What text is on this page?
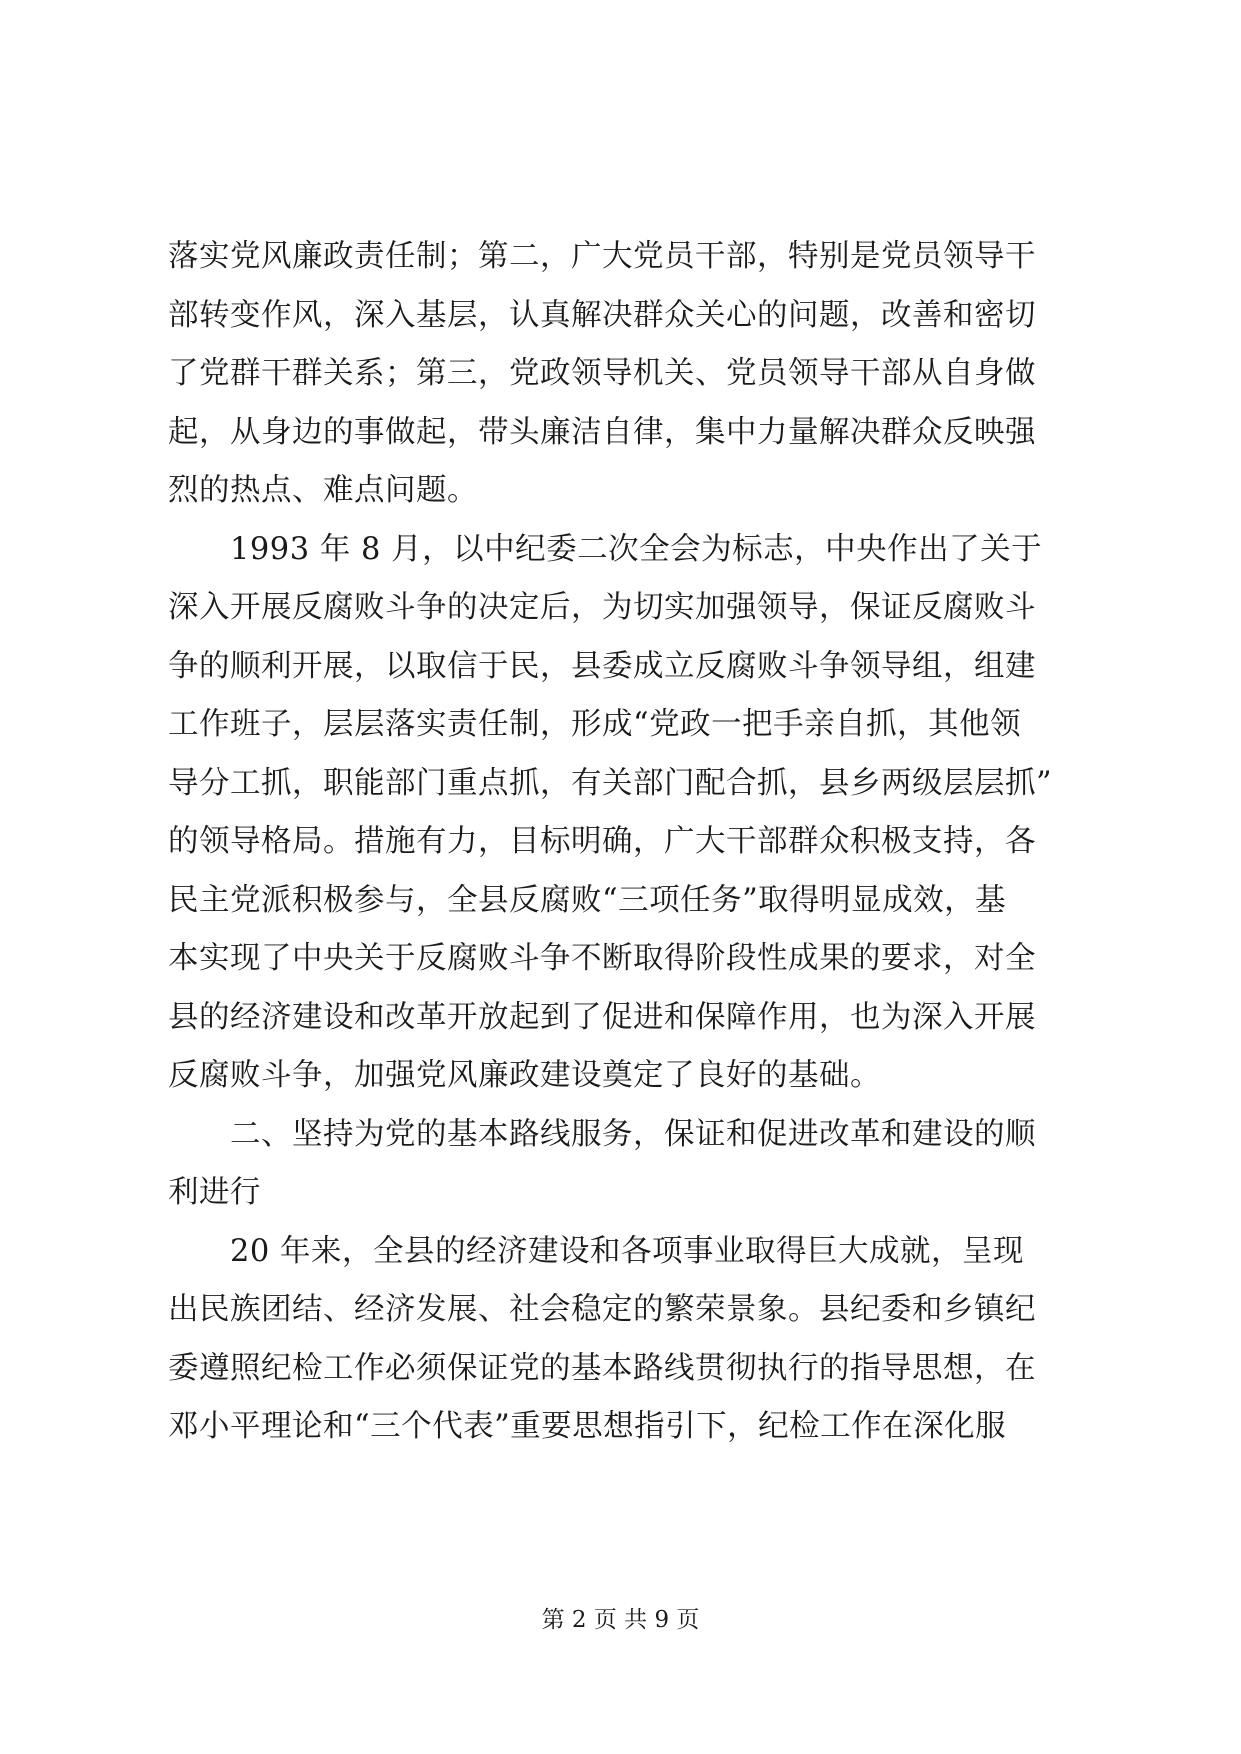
落实党风廉政责任制；第二，广大党员干部，特别是党员领导干
部转变作风，深入基层，认真解决群众关心的问题，改善和密切
了党群干群关系；第三，党政领导机关、党员领导干部从自身做
起，从身边的事做起，带头廉洁自律，集中力量解决群众反映强
烈的热点、难点问题。
1993 年 8 月，以中纪委二次全会为标志，中央作出了关于
深入开展反腐败斗争的决定后，为切实加强领导，保证反腐败斗
争的顺利开展，以取信于民，县委成立反腐败斗争领导组，组建
工作班子，层层落实责任制，形成“党政一把手亲自抓，其他领
导分工抓，职能部门重点抓，有关部门配合抓，县乡两级层层抓”
的领导格局。措施有力，目标明确，广大干部群众积极支持，各
民主党派积极参与，全县反腐败“三项任务”取得明显成效，基
本实现了中央关于反腐败斗争不断取得阶段性成果的要求，对全
县的经济建设和改革开放起到了促进和保障作用，也为深入开展
反腐败斗争，加强党风廉政建设奠定了良好的基础。
二、坚持为党的基本路线服务，保证和促进改革和建设的顺
利进行
20 年来，全县的经济建设和各项事业取得巨大成就，呈现
出民族团结、经济发展、社会稳定的繁荣景象。县纪委和乡镇纪
委遵照纪检工作必须保证党的基本路线贯彻执行的指导思想，在
邓小平理论和“三个代表”重要思想指引下，纪检工作在深化服
第 2 页 共 9 页
